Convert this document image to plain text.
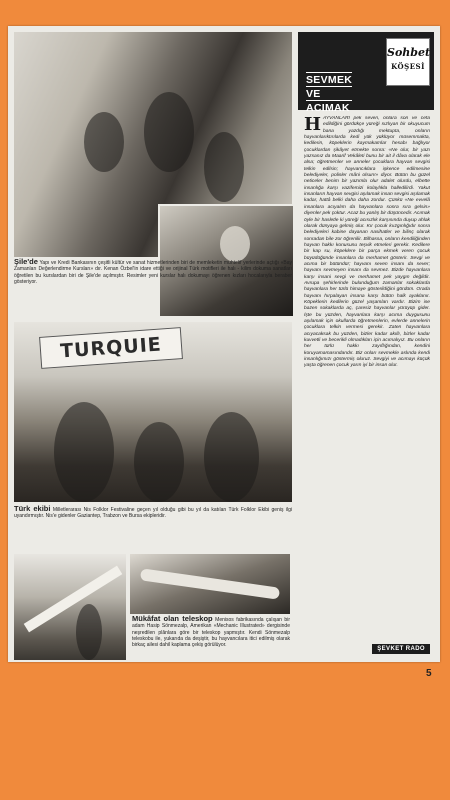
Şile'de Yapı ve Kredi Bankasının çeşitli kültür ve sanat hizmetlerinden biri de memleketin muhtelif yerlerinde açtığı «Bay Zamanları Değerlendirme Kursları» dır. Kenan Özbel'in idare ettiği ve orijinal Türk motifleri ile halı - kilim dokuma sanatları öğretilen bu kurslardan biri de Şile'de açılmıştır. Resimler yeni kurslar halı dokumayı öğrenen kızları hocalarıyla beraber gösteriyor.
TURQUIE
Türk ekibi Milletlerarası Nis Folklor Festivaline geçen yıl olduğu gibi bu yıl da katılan Türk Folklor Ekibi geniş ilgi uyandırmıştır. Nis'e gidenler Gaziantep, Trabzon ve Bursa ekipleridir.
Mükâfat olan teleskop Menisos fabrikasında çalışan bir adam Hasip Sönmezalp, Amerikan «Mechanic Illustrated» dergisinde neşredilen plânlara göre bir teleskop yapmıştır. Kendi Sönmezalp teleskobu ile, yukarıda da deşiştir, bu hayvancılara itici edilmiş olarak birkaç ailesi dahil kaplama çekiş görülüyor.
Sohbet
KÖŞESİ
SEVMEK
VE
ACIMAK
H AYVANLARI pek seven, onlara son ve cefa edildiğini gördükçe yüreği sızlıyan bir okuyucum bana yazdığı mektupta, onların hayvanlarıktırılarda kedi yük yüklüyor müsemmakta, kedilerin, köpeklerin kaymakamlar hesabı bağlıyor çocuklardan şikâyet etmekte sonra: «Ne olur, bir yazı yazsanız da Maarif Vekâleti bunu bir ait il dâva olarak ele alsa; öğretmenler ve anneler çocuklara hayvan sevgisi telkin edilsin; hayvancıklara işkence edilmesine belediyeler, polisler mâni olsun!» diyor. Bütün bu güzel neticeler benim bir yazımla olur adalet olurdu, elbette insanlığa karşı vazifemizi kolaylıkla halledilirdi. Yakut insanların hayvan sevgisi aşılamak insan sevgisi aşılamak kadar, hattâ belki daha daha zordur. Çünkü «Ne evvelâ insanlara acıyalım da hayvanlara sonra sıra gelsin» diyenler pek çoktur. Acaz bu yanlış bir düşüncedir. Acımak öyle bir hasletle ki yüreği acısızlık karşısında duyup ahlak olarak dünyaya gelmiş olur. Kır çocuk kıızgınlığıdır sonra belediyeleri kabine dayanan nasihatler ve bilinç olarak sonradan bile zor öğrenilir. Bilhassa, onların kendiliğinden hayvan hakkı konusunu teşvik etmeleri gerekir. Kedilere bir kap su, köpeklere bir parça ekmek veren çocuk büyüdüğünde insanlara da merhamet gösterir. Sevgi ve acıma bir bütündür; hayvanı seven insanı da sever; hayvanı sevmeyen insanı da sevmez. Bizde hayvanlara karşı insani sevgi ve merhamet pek yaygın değildir. Avrupa şehirlerinde bulunduğum zamanlar sokaklarda hayvanlara her türlü himaye gösterildiğini gördüm. Orada hayvanı hırpalayan insana karşı bütün halk ayaklanır. Köpeklerin kedilerin güzel yaşamları vardır. Bizim ise bazen sokaklarda aç, çaresiz hayvanlar yürüyüp gider. İşte bu yüzden, hayvanlara karşı acıma duygusunu aşılamak için okullarda öğretmenlerin, evlerde annelerin çocuklara telkin vermesi gerekir. Zaten hayvanlara acıyacaksak bu yüzden, bizler kadar akıllı, bizler kadar kuvvetli ve becerikli olmadıkları için acımalıyız. Bu onların her türlü hakkı zayıflığından, kendini koruyamamasındandır. Biz onları sevmekle aslında kendi insanlığımızı göstermiş oluruz. Sevgiyi ve acımayı küçük yaşta öğrenen çocuk yarın iyi bir insan olur.
ŞEVKET RADO
5
